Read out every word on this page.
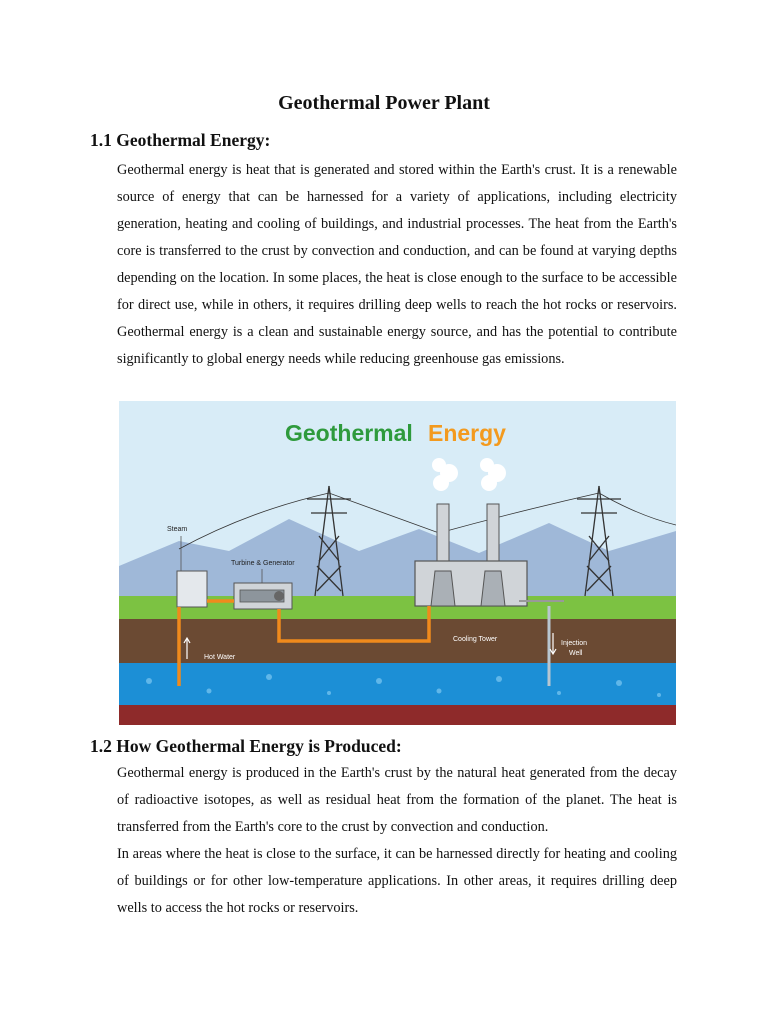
Geothermal Power Plant
1.1 Geothermal Energy:

Geothermal energy is heat that is generated and stored within the Earth's crust. It is a renewable source of energy that can be harnessed for a variety of applications, including electricity generation, heating and cooling of buildings, and industrial processes. The heat from the Earth's core is transferred to the crust by convection and conduction, and can be found at varying depths depending on the location. In some places, the heat is close enough to the surface to be accessible for direct use, while in others, it requires drilling deep wells to reach the hot rocks or reservoirs. Geothermal energy is a clean and sustainable energy source, and has the potential to contribute significantly to global energy needs while reducing greenhouse gas emissions.

Geothermal Energy
Steam
Turbine & Generator
Hot Water
Cooling Tower
Injection
Well
1.2 How Geothermal Energy is Produced:

Geothermal energy is produced in the Earth's crust by the natural heat generated from the decay of radioactive isotopes, as well as residual heat from the formation of the planet. The heat is transferred from the Earth's core to the crust by convection and conduction.

In areas where the heat is close to the surface, it can be harnessed directly for heating and cooling of buildings or for other low-temperature applications. In other areas, it requires drilling deep wells to access the hot rocks or reservoirs.
